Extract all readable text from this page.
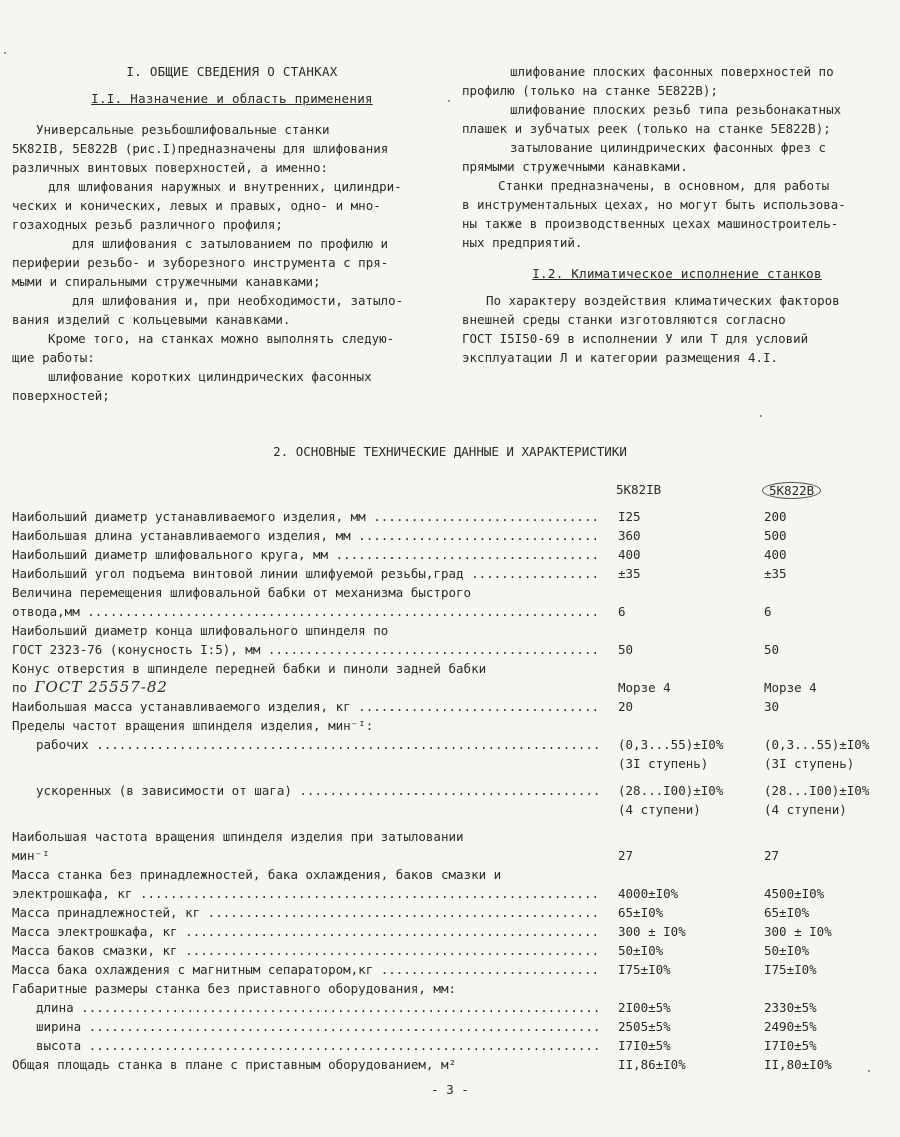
I. ОБЩИЕ СВЕДЕНИЯ О СТАНКАХ
I.I. Назначение и область применения
Универсальные резьбошлифовальные станки
5К82IВ, 5Е822В (рис.I)предназначены для шлифования
различных винтовых поверхностей, а именно:
для шлифования наружных и внутренних, цилиндри-
ческих и конических, левых и правых, одно- и мно-
гозаходных резьб различного профиля;
для шлифования с затылованием по профилю и
периферии резьбо- и зуборезного инструмента с пря-
мыми и спиральными стружечными канавками;
для шлифования и, при необходимости, затыло-
вания изделий с кольцевыми канавками.
Кроме того, на станках можно выполнять следую-
щие работы:
шлифование коротких цилиндрических фасонных
поверхностей;
шлифование плоских фасонных поверхностей по
профилю (только на станке 5Е822В);
шлифование плоских резьб типа резьбонакатных
плашек и зубчатых реек (только на станке 5Е822В);
затылование цилиндрических фасонных фрез с
прямыми стружечными канавками.
Станки предназначены, в основном, для работы
в инструментальных цехах, но могут быть использова-
ны также в производственных цехах машиностроитель-
ных предприятий.
I.2. Климатическое исполнение станков
По характеру воздействия климатических факторов
внешней среды станки изготовляются согласно
ГОСТ I5I50-69 в исполнении У или Т для условий
эксплуатации Л и категории размещения 4.I.
2. ОСНОВНЫЕ ТЕХНИЧЕСКИЕ ДАННЫЕ И ХАРАКТЕРИСТИКИ
5К82IВ	5К822В
Наибольший диаметр устанавливаемого изделия, мм .....	I25	200
Наибольшая длина устанавливаемого изделия, мм .....	360	500
Наибольший диаметр шлифовального круга, мм .....	400	400
Наибольший угол подъема винтовой линии шлифуемой резьбы,град .....	±35	±35
Величина перемещения шлифовальной бабки от механизма быстрого
отвода,мм .....	6	6
Наибольший диаметр конца шлифовального шпинделя по
ГОСТ 2323-76 (конусность I:5), мм .....	50	50
Конус отверстия в шпинделе передней бабки и пиноли задней бабки
по ГОСТ 25557-82	Морзе 4	Морзе 4
Наибольшая масса устанавливаемого изделия, кг .....	20	30
Пределы частот вращения шпинделя изделия, мин⁻ᴵ:
рабочих .....	(0,3...55)±I0%	(0,3...55)±I0%
(3I ступень)	(3I ступень)
ускоренных (в зависимости от шага) .....	(28...I00)±I0%	(28...I00)±I0%
(4 ступени)	(4 ступени)
Наибольшая частота вращения шпинделя изделия при затыловании
мин⁻ᴵ	27	27
Масса станка без принадлежностей, бака охлаждения, баков смазки и
электрошкафа, кг .....	4000±I0%	4500±I0%
Масса принадлежностей, кг .....	65±I0%	65±I0%
Масса электрошкафа, кг .....	300 ± I0%	300 ± I0%
Масса баков смазки, кг .....	50±I0%	50±I0%
Масса бака охлаждения с магнитным сепаратором,кг .....	I75±I0%	I75±I0%
Габаритные размеры станка без приставного оборудования, мм:
длина .....	2I00±5%	2330±5%
ширина .....	2505±5%	2490±5%
высота .....	I7I0±5%	I7I0±5%
Общая площадь станка в плане с приставным оборудованием, м²	II,86±I0%	II,80±I0%
- 3 -
